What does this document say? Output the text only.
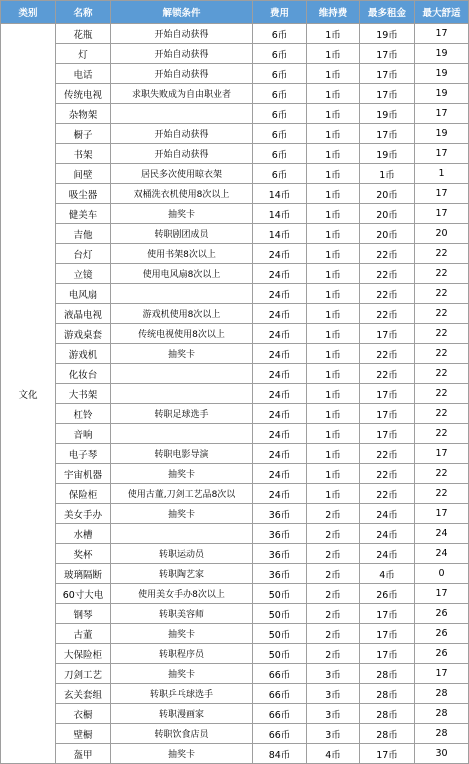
类别	名称	解锁条件	费用	维持费	最多租金	最大舒适
文化	花瓶	开始自动获得	6币	1币	19币	17
	灯	开始自动获得	6币	1币	17币	19
	电话	开始自动获得	6币	1币	17币	19
	传统电视	求职失败成为自由职业者	6币	1币	17币	19
	杂物架		6币	1币	19币	17
	橱子	开始自动获得	6币	1币	17币	19
	书架	开始自动获得	6币	1币	19币	17
	间壁	居民多次使用晾衣架	6币	1币	1币	1
	吸尘器	双桶洗衣机使用8次以上	14币	1币	20币	17
	健美车	抽奖卡	14币	1币	20币	17
	吉他	转职剧团成员	14币	1币	20币	20
	台灯	使用书架8次以上	24币	1币	22币	22
	立镜	使用电风扇8次以上	24币	1币	22币	22
	电风扇		24币	1币	22币	22
	液晶电视	游戏机使用8次以上	24币	1币	22币	22
	游戏桌套	传统电视使用8次以上	24币	1币	17币	22
	游戏机	抽奖卡	24币	1币	22币	22
	化妆台		24币	1币	22币	22
	大书架		24币	1币	17币	22
	杠铃	转职足球选手	24币	1币	17币	22
	音响		24币	1币	17币	22
	电子琴	转职电影导演	24币	1币	22币	17
	宇宙机器	抽奖卡	24币	1币	22币	22
	保险柜	使用古董,刀剑工艺品8次以	24币	1币	22币	22
	美女手办	抽奖卡	36币	2币	24币	17
	水槽		36币	2币	24币	24
	奖杯	转职运动员	36币	2币	24币	24
	玻璃隔断	转职陶艺家	36币	2币	4币	0
	60寸大电	使用美女手办8次以上	50币	2币	26币	17
	钢琴	转职美容师	50币	2币	17币	26
	古董	抽奖卡	50币	2币	17币	26
	大保险柜	转职程序员	50币	2币	17币	26
	刀剑工艺	抽奖卡	66币	3币	28币	17
	玄关套组	转职乒乓球选手	66币	3币	28币	28
	衣橱	转职漫画家	66币	3币	28币	28
	壁橱	转职饮食店员	66币	3币	28币	28
	盔甲	抽奖卡	84币	4币	17币	30
